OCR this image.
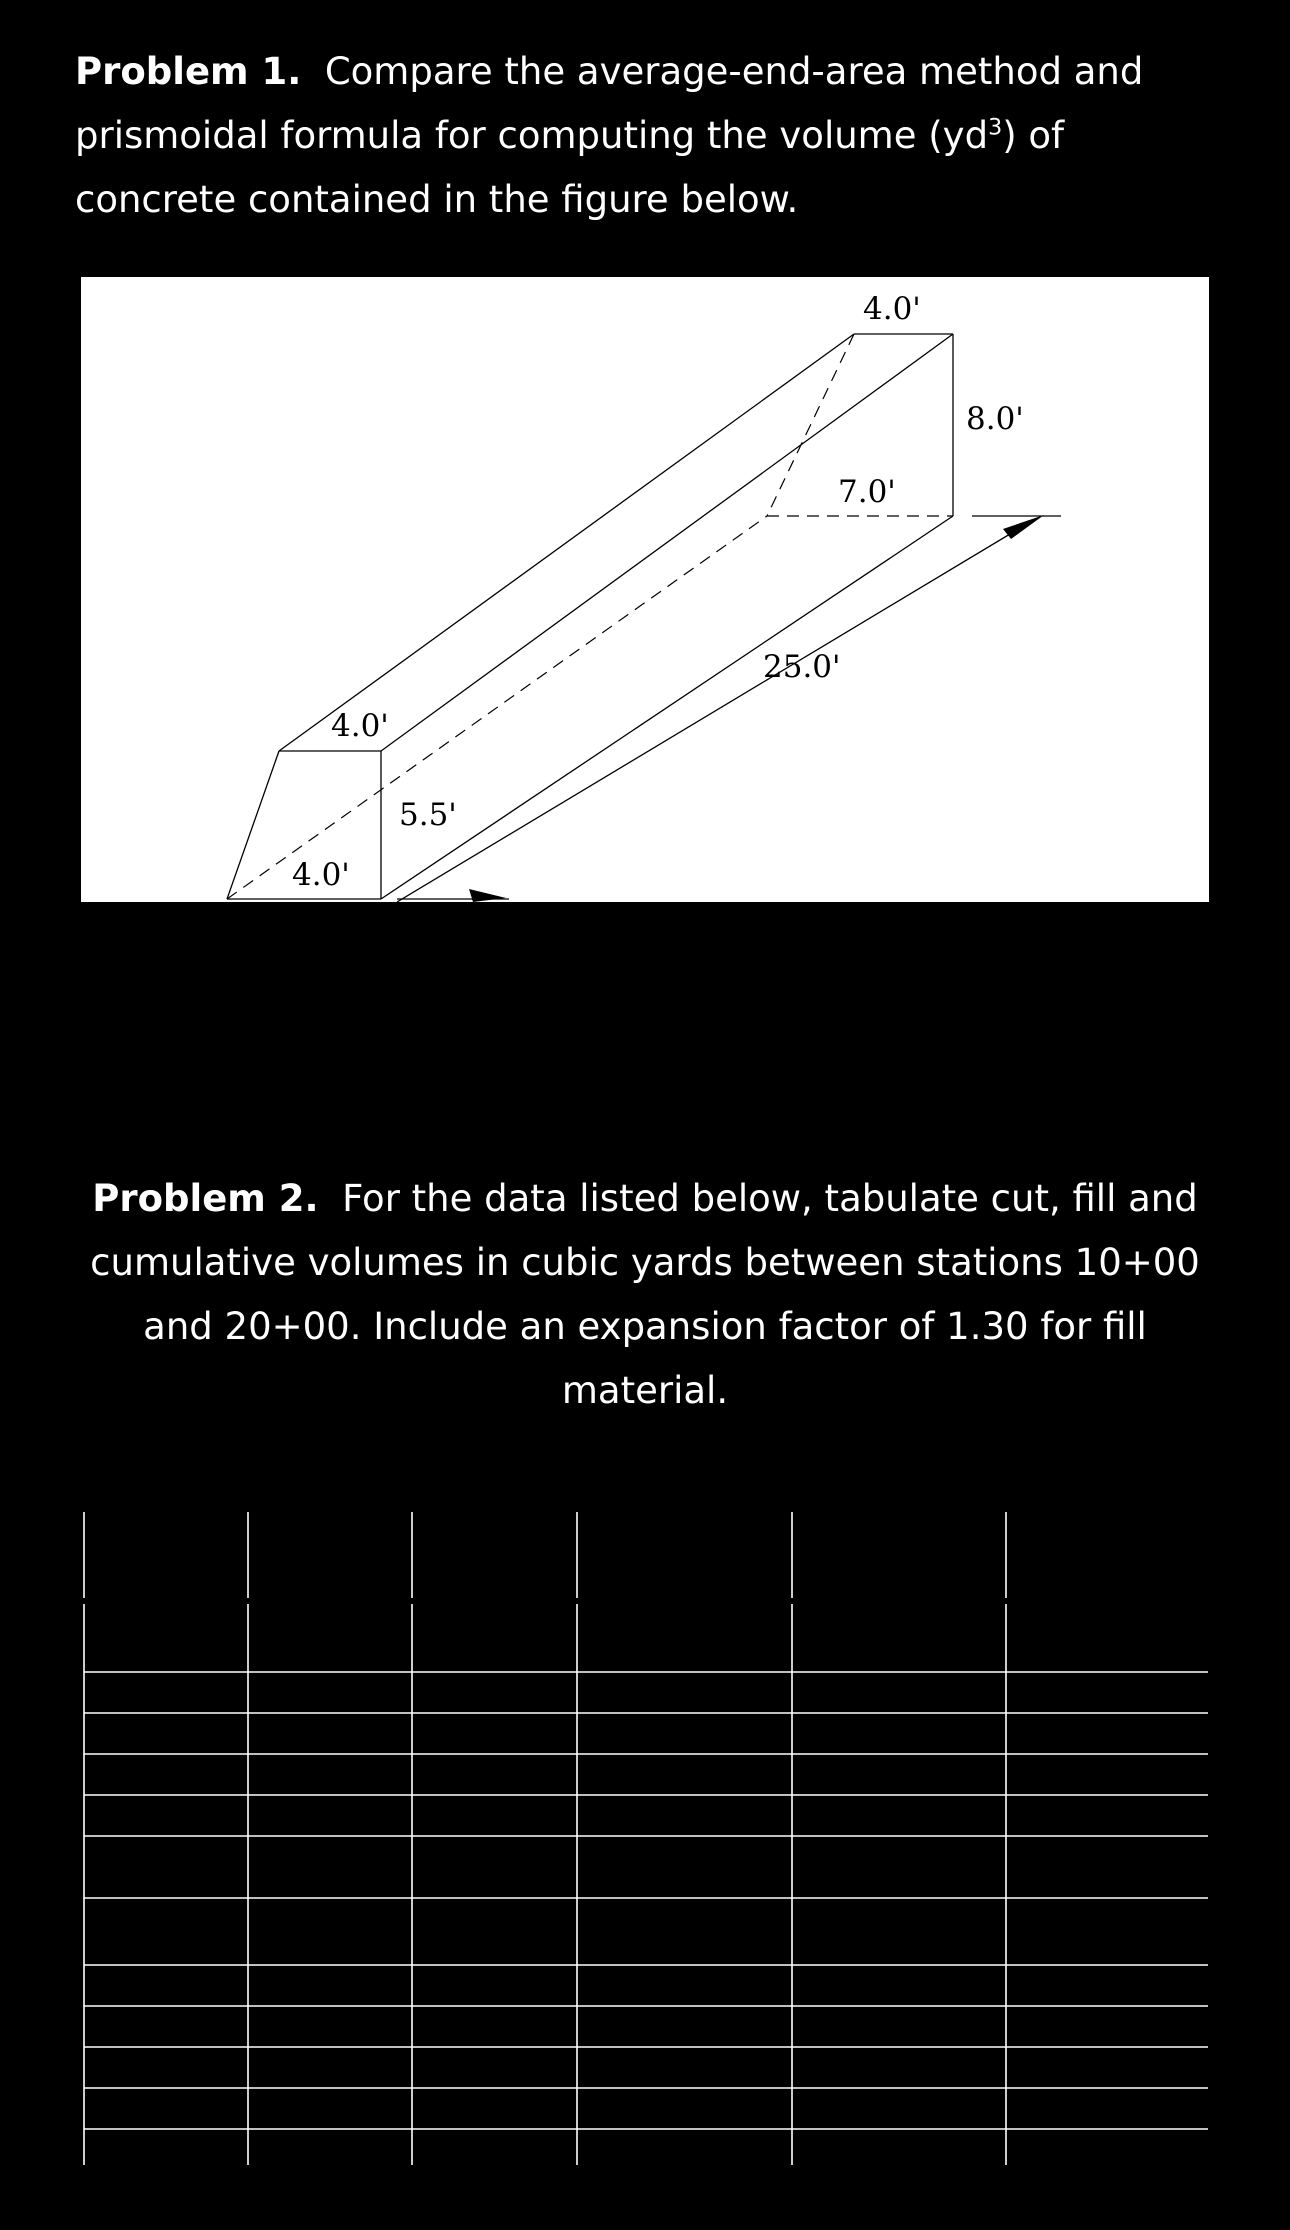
Problem 1. Compare the average-end-area method and prismoidal formula for computing the volume $(yd^3)$ of concrete contained in the figure below.

4.0'
8.0'
7.0'
25.0'
4.0'
5.5'
4.0'

Problem 2. For the data listed below, tabulate cut, fill and cumulative volumes in cubic yards between stations 10+00 and 20+00. Include an expansion factor of 1.30 for fill material.
